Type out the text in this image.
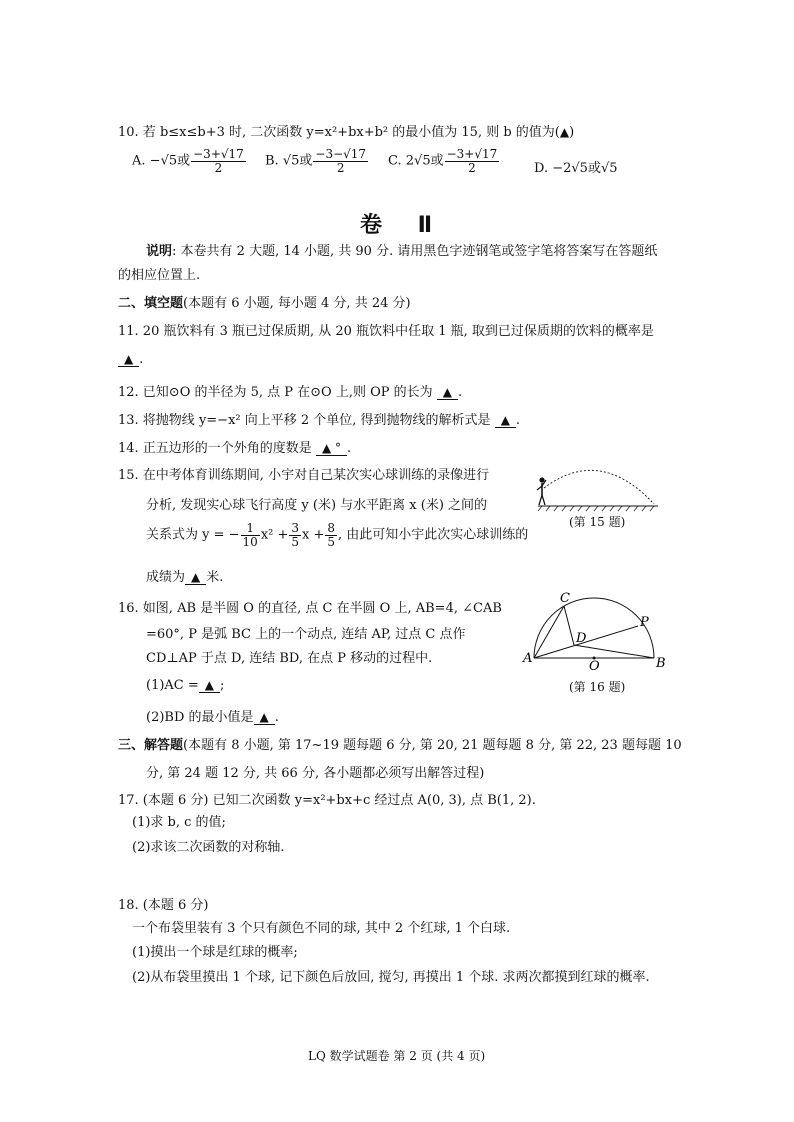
10. 若 b≤x≤b+3 时, 二次函数 y=x²+bx+b² 的最小值为 15, 则 b 的值为(▲)
A. −√5或 $\frac{-3+√17}{2} B$. √5或 $\frac{-3-√17}{2} C$. 2√5或 $\frac{-3+√17}{2}$	D. −2√5或√5
卷 Ⅱ
说明: 本卷共有 2 大题, 14 小题, 共 90 分. 请用黑色字迹钢笔或签字笔将答案写在答题纸
的相应位置上.
二、填空题(本题有 6 小题, 每小题 4 分, 共 24 分)
11. 20 瓶饮料有 3 瓶已过保质期, 从 20 瓶饮料中任取 1 瓶, 取到已过保质期的饮料的概率是
▲ .
12. 已知⊙O 的半径为 5, 点 P 在⊙O 上,则 OP 的长为 ▲ .
13. 将抛物线 y=−x² 向上平移 2 个单位, 得到抛物线的解析式是 ▲ .
14. 正五边形的一个外角的度数是 ▲ ° .
15. 在中考体育训练期间, 小宇对自己某次实心球训练的录像进行
分析, 发现实心球飞行高度 y (米) 与水平距离 x (米) 之间的
关系式为 y = − $\frac{1}{10} x^2 + \frac{3}{5}$ $x + \frac{8}{5}$ , 由此可知小宇此次实心球训练的
成绩为 ▲ 米.
(第 15 题)
16. 如图, AB 是半圆 O 的直径, 点 C 在半圆 O 上, AB=4, ∠CAB
=60°, P 是弧 BC 上的一个动点, 连结 AP, 过点 C 点作
CD⊥AP 于点 D, 连结 BD, 在点 P 移动的过程中.
(1)AC = ▲ ;
(2)BD 的最小值是 ▲ .
C
D
P
A	B
O
(第 16 题)
三、解答题(本题有 8 小题, 第 17~19 题每题 6 分, 第 20, 21 题每题 8 分, 第 22, 23 题每题 10
分, 第 24 题 12 分, 共 66 分, 各小题都必须写出解答过程)
17. (本题 6 分) 已知二次函数 y=x²+bx+c 经过点 A(0, 3), 点 B(1, 2).
(1)求 b, c 的值;
(2)求该二次函数的对称轴.
18. (本题 6 分)
一个布袋里装有 3 个只有颜色不同的球, 其中 2 个红球, 1 个白球.
(1)摸出一个球是红球的概率;
(2)从布袋里摸出 1 个球, 记下颜色后放回, 搅匀, 再摸出 1 个球. 求两次都摸到红球的概率.
LQ 数学试题卷 第 2 页 (共 4 页)
